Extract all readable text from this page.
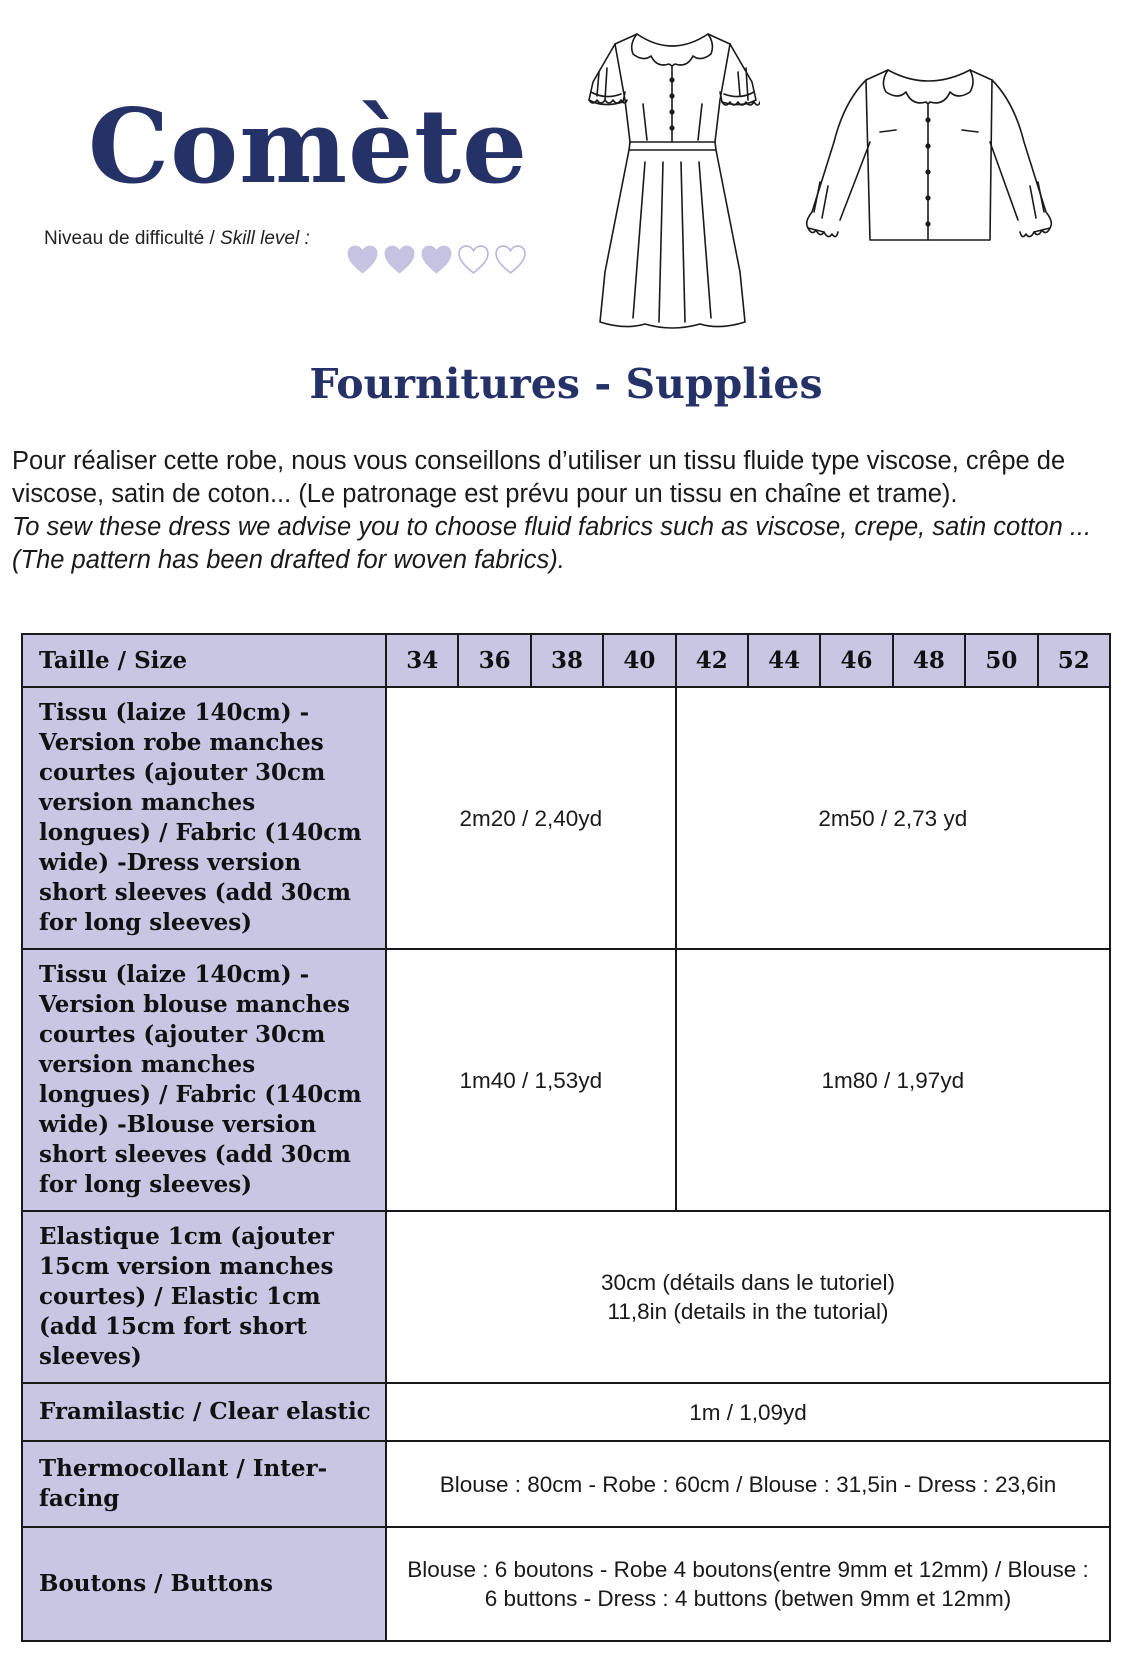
Comète
Niveau de difficulté / Skill level :
Fournitures - Supplies
Pour réaliser cette robe, nous vous conseillons d’utiliser un tissu fluide type viscose, crêpe de viscose, satin de coton... (Le patronage est prévu pour un tissu en chaîne et trame).
To sew these dress we advise you to choose fluid fabrics such as viscose, crepe, satin cotton ... (The pattern has been drafted for woven fabrics).
Taille / Size	34	36	38	40	42	44	46	48	50	52
Tissu (laize 140cm) - Version robe manches courtes (ajouter 30cm version manches longues) / Fabric (140cm wide) -Dress version short sleeves (add 30cm for long sleeves)	2m20 / 2,40yd				2m50 / 2,73 yd					
Tissu (laize 140cm) - Version blouse manches courtes (ajouter 30cm version manches longues) / Fabric (140cm wide) -Blouse version short sleeves (add 30cm for long sleeves)	1m40 / 1,53yd				1m80 / 1,97yd					
Elastique 1cm (ajouter 15cm version manches courtes) / Elastic 1cm (add 15cm fort short sleeves)	30cm (détails dans le tutoriel)
11,8in (details in the tutorial)									

Framilastic / Clear elastic	1m / 1,09yd									
Thermocollant / Inter-facing	Blouse : 80cm - Robe : 60cm / Blouse : 31,5in - Dress : 23,6in									
Boutons / Buttons	Blouse : 6 boutons - Robe 4 boutons(entre 9mm et 12mm) / Blouse : 6 buttons - Dress : 4 buttons (betwen 9mm et 12mm)									
